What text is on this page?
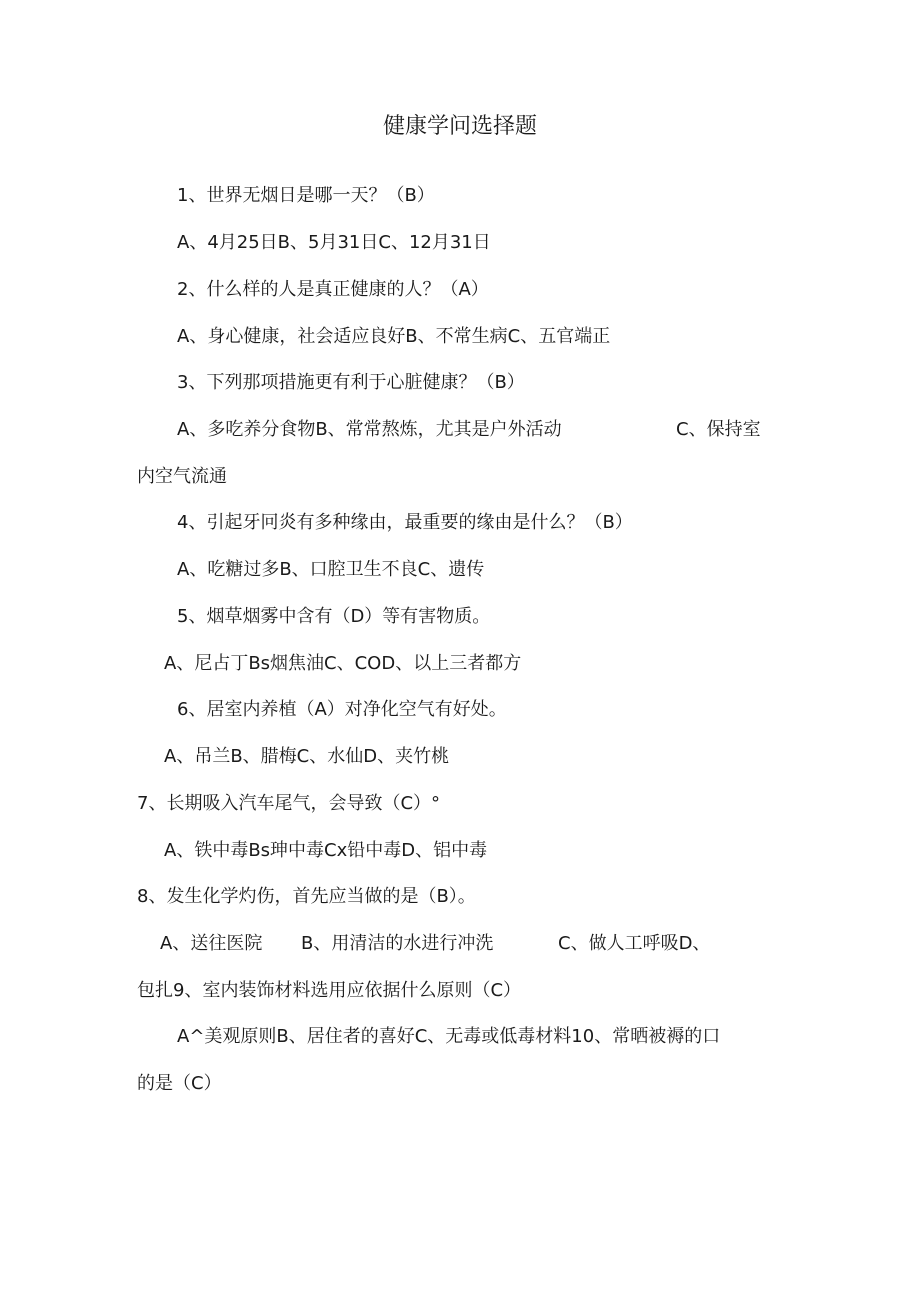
健康学问选择题
1、世界无烟日是哪一天？（B）
A、4月25日B、5月31日C、12月31日
2、什么样的人是真正健康的人？（A）
A、身心健康，社会适应良好B、不常生病C、五官端正
3、下列那项措施更有利于心脏健康？（B）
A、多吃养分食物B、常常熬炼，尤其是户外活动	C、保持室
内空气流通
4、引起牙冋炎有多种缘由，最重要的缘由是什么？（B）
A、吃糖过多B、口腔卫生不良C、遗传
5、烟草烟雾中含有（D）等有害物质。
A、尼占丁Bs烟焦油C、COD、以上三者都方
6、居室内养植（A）对净化空气有好处。
A、吊兰B、腊梅C、水仙D、夹竹桃
7、长期吸入汽车尾气，会导致（C）°
A、铁中毒Bs珅中毒Cx铅中毒D、铝中毒
8、发生化学灼伤，首先应当做的是（B）。
A、送往医院 B、用清洁的水进行冲洗	C、做人工呼吸D、
包扎9、室内装饰材料选用应依据什么原则（C）
A^美观原则B、居住者的喜好C、无毒或低毒材料10、常晒被褥的口
的是（C）
